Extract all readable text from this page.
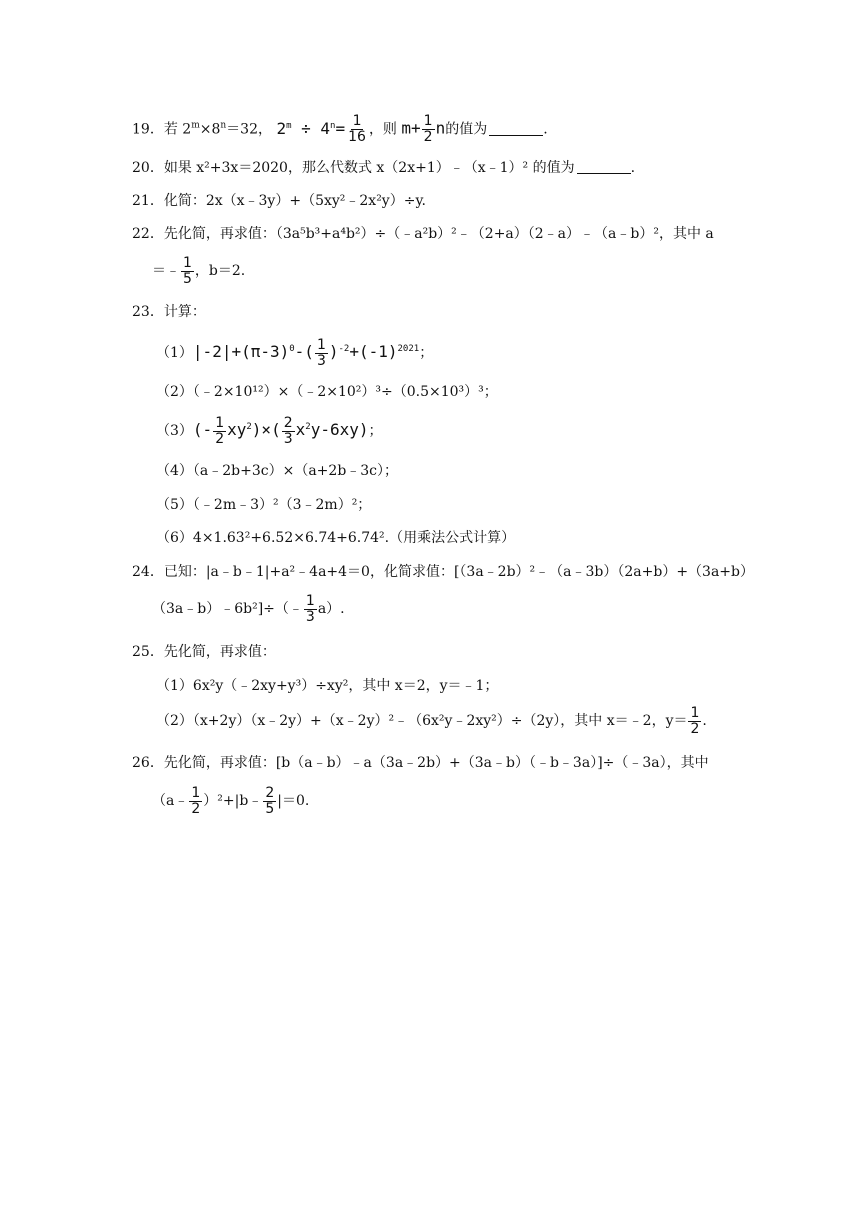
19．若 $2^m\times 8^n=32$， $2^m \div 4^n= \frac{1}{16}$ ，则 $m+ \frac{1}{2}$ n的值为	.
20．如果 x²+3x＝2020，那么代数式 x（2x+1）﹣（x﹣1）² 的值为	.
21．化简：2x（x﹣3y）+（5xy²﹣2x²y）÷y.
22．先化简，再求值：（3a⁵b³+a⁴b²）÷（﹣a²b）²﹣（2+a）（2﹣a）﹣（a﹣b）²，其中 a
＝﹣ $\frac{1}{5}$ ，b＝2.
23．计算：
$(1)|-2|+(\pi-3)^0-( \frac{1}{3} )^{-2}+(-1)^{2021}$；
（2）（﹣2×10¹²）×（﹣2×10²）³÷（0.5×10³）³；
$(3)(- \frac{1}{2} xy^2)\times( \frac{2}{3} x^2y-6xy)$；
（4）（a﹣2b+3c）×（a+2b﹣3c）；
（5）（﹣2m﹣3）²（3﹣2m）²；
（6）4×1.63²+6.52×6.74+6.74².（用乘法公式计算）
24．已知：|a﹣b﹣1|+a²﹣4a+4＝0，化简求值：[（3a﹣2b）²﹣（a﹣3b）（2a+b）+（3a+b）
（3a﹣b）﹣6b²]÷（﹣ $\frac{1}{3} a$）.
25．先化简，再求值：
（1）6x²y（﹣2xy+y³）÷xy²，其中 x＝2，y＝﹣1；
（2）（x+2y）（x﹣2y）+（x﹣2y）²﹣（6x²y﹣2xy²）÷（2y），其中 x＝﹣2，$y= \frac{1}{2}$ .
26．先化简，再求值：[b（a﹣b）﹣a（3a﹣2b）+（3a﹣b）（﹣b﹣3a）]÷（﹣3a），其中
（a﹣ $\frac{1}{2}$ ）²+|b﹣ $\frac{2}{5} |=0$.
